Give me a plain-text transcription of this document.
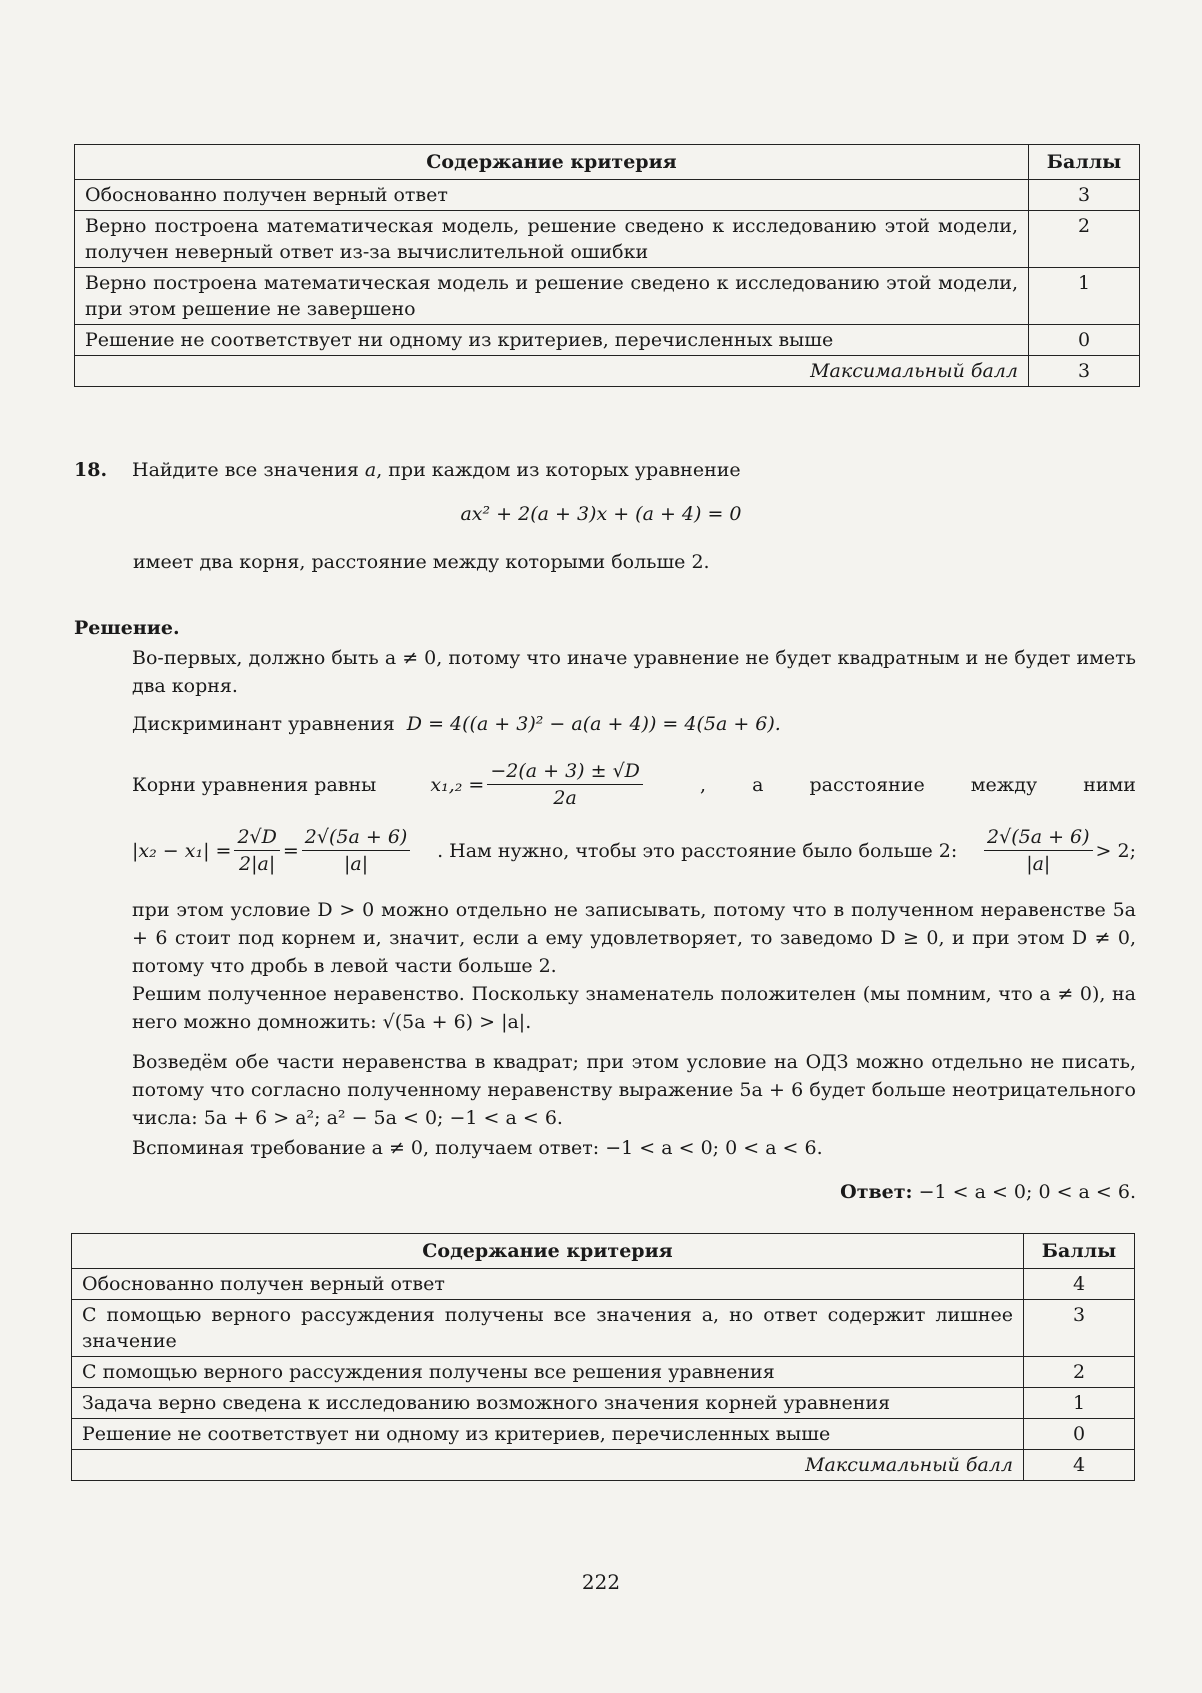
Содержание критерия	Баллы
Обоснованно получен верный ответ	3
Верно построена математическая модель, решение сведено к исследованию этой модели, получен неверный ответ из-за вычислительной ошибки	2
Верно построена математическая модель и решение сведено к исследованию этой модели, при этом решение не завершено	1
Решение не соответствует ни одному из критериев, перечисленных выше	0
Максимальный балл	3

18. Найдите все значения a, при каждом из которых уравнение

ax² + 2(a + 3)x + (a + 4) = 0

имеет два корня, расстояние между которыми больше 2.

Решение.

Во-первых, должно быть a ≠ 0, потому что иначе уравнение не будет квадратным и не будет иметь два корня.

Дискриминант уравнения D = 4((a + 3)² − a(a + 4)) = 4(5a + 6).

Корни уравнения равны	$x_1,_2 = \frac{-2(a + 3) \pm √D}{2a}$	, а расстояние между ними
$|x_2 - x_1| = \frac{2√D}{2|a|} = \frac{2√(5a + 6)}{|a|}$ . Нам нужно, чтобы это расстояние было больше 2: $\frac{2√(5a + 6)}{|a|} > 2$;

при этом условие D > 0 можно отдельно не записывать, потому что в полученном неравенстве 5a + 6 стоит под корнем и, значит, если a ему удовлетворяет, то заведомо D ≥ 0, и при этом D ≠ 0, потому что дробь в левой части больше 2.

Решим полученное неравенство. Поскольку знаменатель положителен (мы помним, что a ≠ 0), на него можно домножить: √(5a + 6) > |a|.

Возведём обе части неравенства в квадрат; при этом условие на ОДЗ можно отдельно не писать, потому что согласно полученному неравенству выражение 5a + 6 будет больше неотрицательного числа: 5a + 6 > a²; a² − 5a < 0; −1 < a < 6.

Вспоминая требование a ≠ 0, получаем ответ: −1 < a < 0; 0 < a < 6.

Ответ: −1 < a < 0; 0 < a < 6.

Содержание критерия	Баллы
Обоснованно получен верный ответ	4
С помощью верного рассуждения получены все значения a, но ответ содержит лишнее значение	3
С помощью верного рассуждения получены все решения уравнения	2
Задача верно сведена к исследованию возможного значения корней уравнения	1
Решение не соответствует ни одному из критериев, перечисленных выше	0
Максимальный балл	4
222
